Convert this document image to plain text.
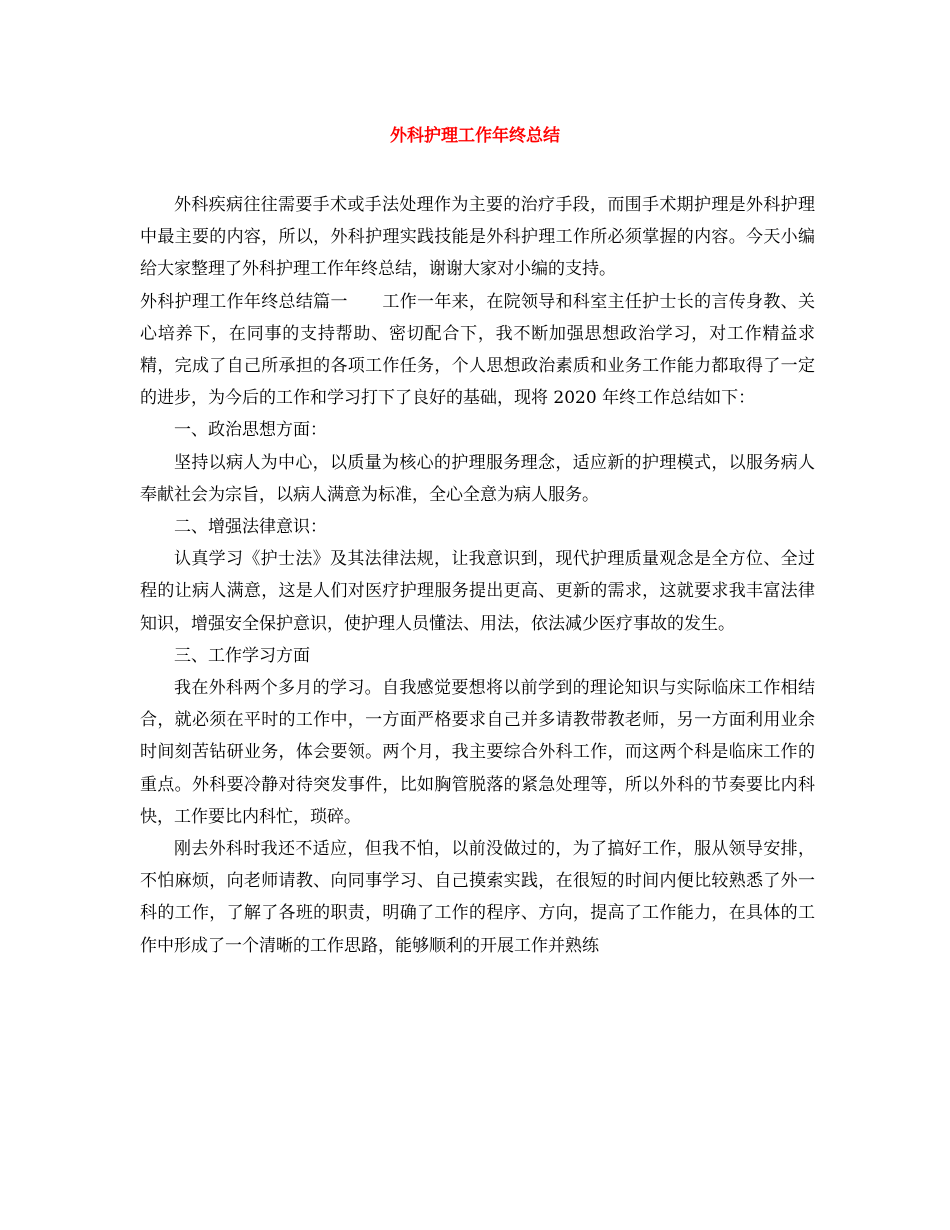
外科护理工作年终总结

外科疾病往往需要手术或手法处理作为主要的治疗手段，而围手术期护理是外科护理中最主要的内容，所以，外科护理实践技能是外科护理工作所必须掌握的内容。今天小编给大家整理了外科护理工作年终总结，谢谢大家对小编的支持。

外科护理工作年终总结篇一　　工作一年来，在院领导和科室主任护士长的言传身教、关心培养下，在同事的支持帮助、密切配合下，我不断加强思想政治学习，对工作精益求精，完成了自己所承担的各项工作任务，个人思想政治素质和业务工作能力都取得了一定的进步，为今后的工作和学习打下了良好的基础，现将 2020 年终工作总结如下：

一、政治思想方面：

坚持以病人为中心，以质量为核心的护理服务理念，适应新的护理模式，以服务病人奉献社会为宗旨，以病人满意为标准，全心全意为病人服务。

二、增强法律意识：

认真学习《护士法》及其法律法规，让我意识到，现代护理质量观念是全方位、全过程的让病人满意，这是人们对医疗护理服务提出更高、更新的需求，这就要求我丰富法律知识，增强安全保护意识，使护理人员懂法、用法，依法减少医疗事故的发生。

三、工作学习方面

我在外科两个多月的学习。自我感觉要想将以前学到的理论知识与实际临床工作相结合，就必须在平时的工作中，一方面严格要求自己并多请教带教老师，另一方面利用业余时间刻苦钻研业务，体会要领。两个月，我主要综合外科工作，而这两个科是临床工作的重点。外科要冷静对待突发事件，比如胸管脱落的紧急处理等，所以外科的节奏要比内科快，工作要比内科忙，琐碎。

刚去外科时我还不适应，但我不怕，以前没做过的，为了搞好工作，服从领导安排，不怕麻烦，向老师请教、向同事学习、自己摸索实践，在很短的时间内便比较熟悉了外一科的工作，了解了各班的职责，明确了工作的程序、方向，提高了工作能力，在具体的工作中形成了一个清晰的工作思路，能够顺利的开展工作并熟练
